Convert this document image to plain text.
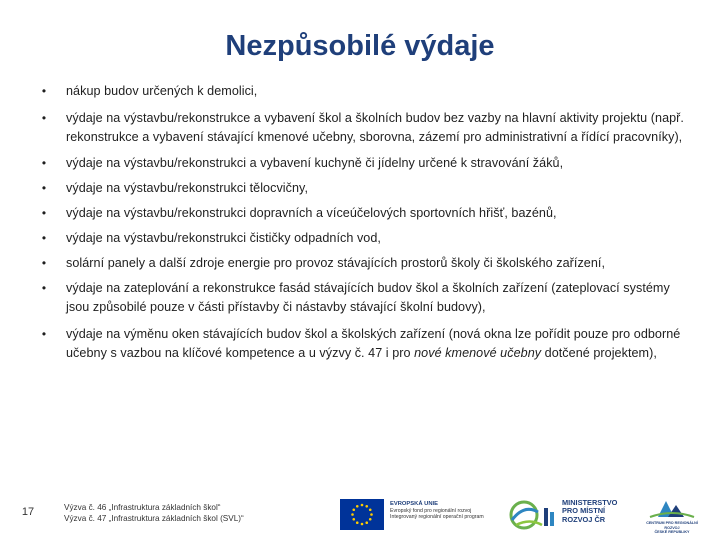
Nezpůsobilé výdaje
•	nákup budov určených k demolici,
•	výdaje na výstavbu/rekonstrukce a vybavení škol a školních budov bez vazby na hlavní aktivity projektu (např. rekonstrukce a vybavení stávající kmenové učebny, sborovna, zázemí pro administrativní a řídící pracovníky),
•	výdaje na výstavbu/rekonstrukci a vybavení kuchyně či jídelny určené k stravování žáků,
•	výdaje na výstavbu/rekonstrukci tělocvičny,
•	výdaje na výstavbu/rekonstrukci dopravních a víceúčelových sportovních hřišť, bazénů,
•	výdaje na výstavbu/rekonstrukci čističky odpadních vod,
•	solární panely a další zdroje energie pro provoz stávajících prostorů školy či školského zařízení,
•	výdaje na zateplování a rekonstrukce fasád stávajících budov škol a školních zařízení (zateplovací systémy jsou způsobilé pouze v části přístavby či nástavby stávající školní budovy),
•	výdaje na výměnu oken stávajících budov škol a školských zařízení (nová okna lze pořídit pouze pro odborné učebny s vazbou na klíčové kompetence a u výzvy č. 47 i pro nové kmenové učebny dotčené projektem),
17	Výzva č. 46 „Infrastruktura základních škol“
Výzva č. 47 „Infrastruktura základních škol (SVL)“
EVROPSKÁ UNIE
Evropský fond pro regionální rozvoj
Integrovaný regionální operační program
MINISTERSTVO
PRO MÍSTNÍ
ROZVOJ ČR	CENTRUM PRO REGIONÁLNÍ ROZVOJ
ČESKÉ REPUBLIKY
